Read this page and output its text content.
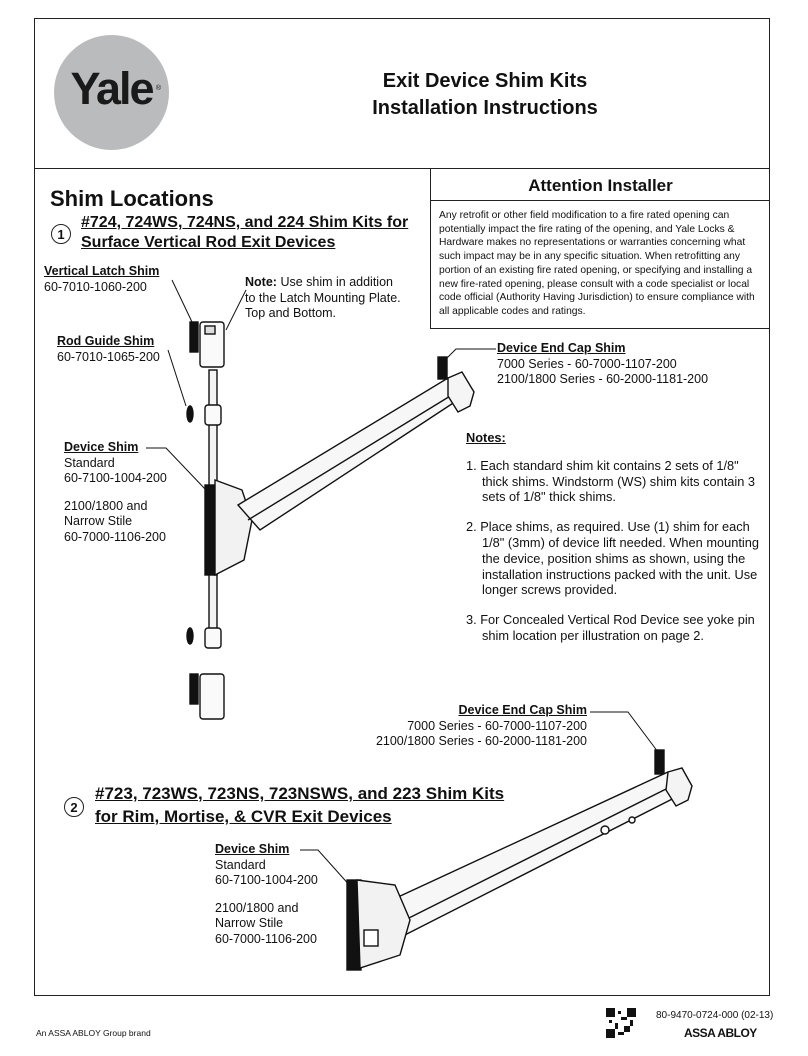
Yale ®	Exit Device Shim Kits
Installation Instructions
Attention Installer
Any retrofit or other field modification to a fire rated opening can potentially impact the fire rating of the opening, and Yale Locks & Hardware makes no representations or warranties concerning what such impact may be in any specific situation. When retrofitting any portion of an existing fire rated opening, or specifying and installing a new fire-rated opening, please consult with a code specialist or local code official (Authority Having Jurisdiction) to ensure compliance with all applicable codes and ratings.
Shim Locations
1
#724, 724WS, 724NS, and 224 Shim Kits for
Surface Vertical Rod Exit Devices
Vertical Latch Shim
60-7010-1060-200	Note: Use shim in addition
to the Latch Mounting Plate.
Top and Bottom.
Rod Guide Shim
60-7010-1065-200
Device Shim
Standard
60-7100-1004-200
2100/1800 and
Narrow Stile
60-7000-1106-200
Device End Cap Shim
7000 Series - 60-7000-1107-200
2100/1800 Series - 60-2000-1181-200
Notes:

1. Each standard shim kit contains 2 sets of 1/8" thick shims. Windstorm (WS) shim kits contain 3 sets of 1/8" thick shims.

2. Place shims, as required. Use (1) shim for each 1/8" (3mm) of device lift needed. When mounting the device, position shims as shown, using the installation instructions packed with the unit. Use longer screws provided.

3. For Concealed Vertical Rod Device see yoke pin shim location per illustration on page 2.

Device End Cap Shim
7000 Series - 60-7000-1107-200
2100/1800 Series - 60-2000-1181-200
2
#723, 723WS, 723NS, 723NSWS, and 223 Shim Kits
for Rim, Mortise, & CVR Exit Devices
Device Shim
Standard
60-7100-1004-200
2100/1800 and
Narrow Stile
60-7000-1106-200
An ASSA ABLOY Group brand
80-9470-0724-000 (02-13)
ASSA ABLOY
